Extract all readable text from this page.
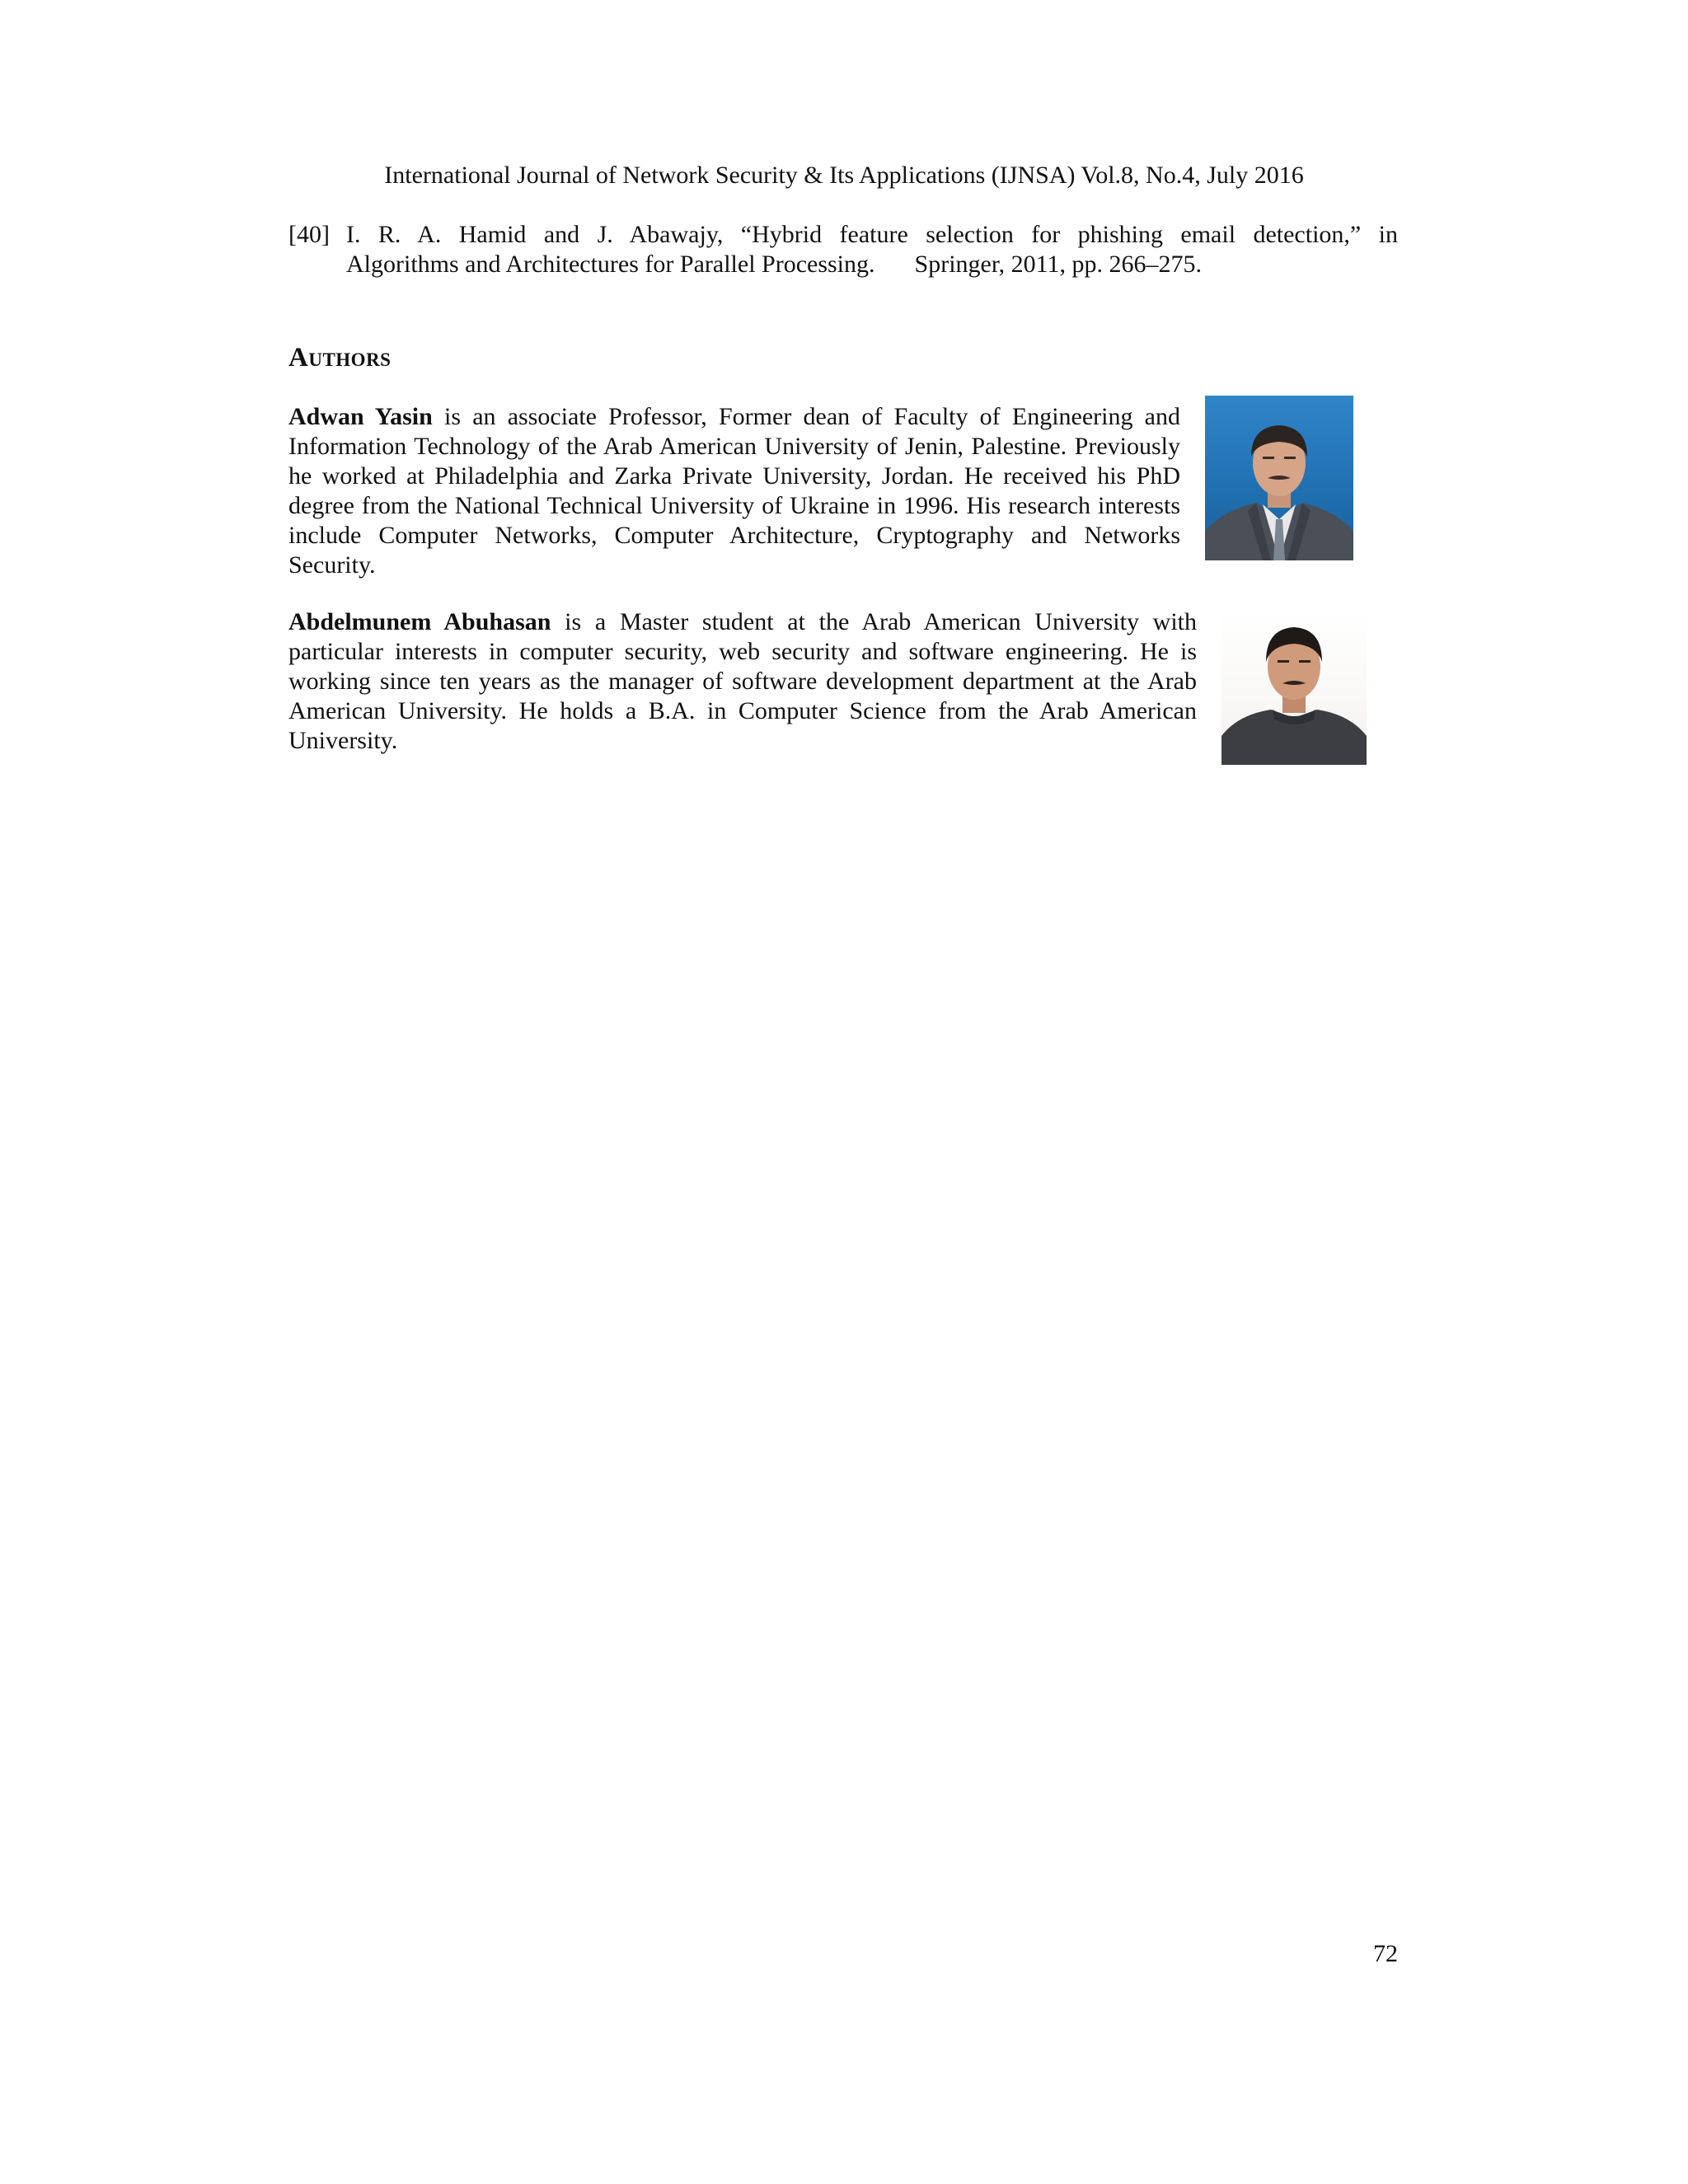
International Journal of Network Security & Its Applications (IJNSA) Vol.8, No.4, July 2016
[40] I. R. A. Hamid and J. Abawajy, “Hybrid feature selection for phishing email detection,” in
Algorithms and Architectures for Parallel Processing. Springer, 2011, pp. 266–275.
Authors
Adwan Yasin is an associate Professor, Former dean of Faculty of Engineering and Information Technology of the Arab American University of Jenin, Palestine. Previously he worked at Philadelphia and Zarka Private University, Jordan. He received his PhD degree from the National Technical University of Ukraine in 1996. His research interests include Computer Networks, Computer Architecture, Cryptography and Networks Security.
Abdelmunem Abuhasan is a Master student at the Arab American University with particular interests in computer security, web security and software engineering. He is working since ten years as the manager of software development department at the Arab American University. He holds a B.A. in Computer Science from the Arab American University.
72
